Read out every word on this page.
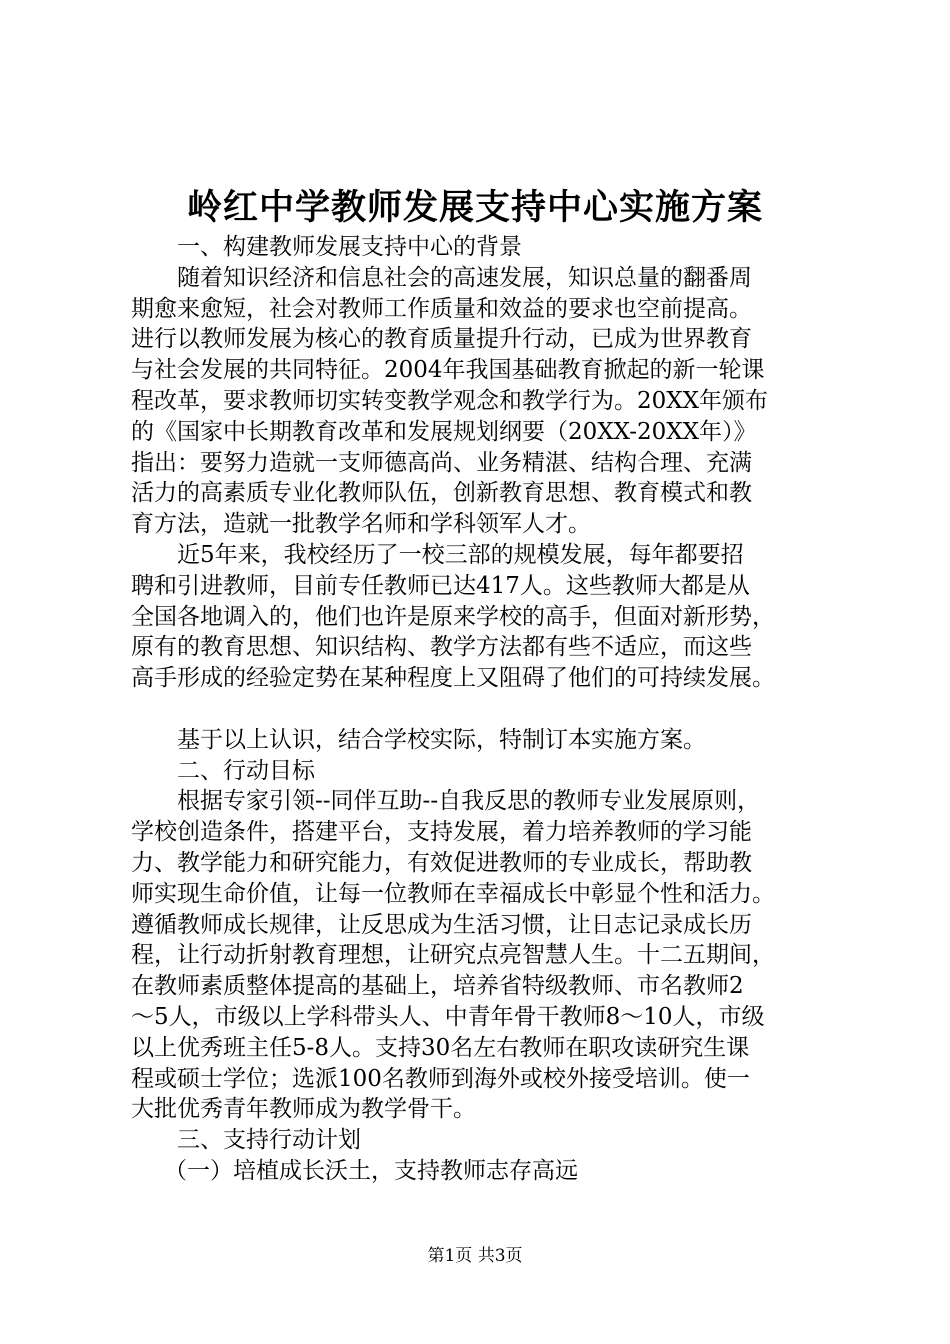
岭红中学教师发展支持中心实施方案
一、构建教师发展支持中心的背景
随着知识经济和信息社会的高速发展，知识总量的翻番周
期愈来愈短，社会对教师工作质量和效益的要求也空前提高。
进行以教师发展为核心的教育质量提升行动，已成为世界教育
与社会发展的共同特征。2004年我国基础教育掀起的新一轮课
程改革，要求教师切实转变教学观念和教学行为。20XX年颁布
的《国家中长期教育改革和发展规划纲要（20XX-20XX年）》
指出：要努力造就一支师德高尚、业务精湛、结构合理、充满
活力的高素质专业化教师队伍，创新教育思想、教育模式和教
育方法，造就一批教学名师和学科领军人才。
近5年来，我校经历了一校三部的规模发展，每年都要招
聘和引进教师，目前专任教师已达417人。这些教师大都是从
全国各地调入的，他们也许是原来学校的高手，但面对新形势，
原有的教育思想、知识结构、教学方法都有些不适应，而这些
高手形成的经验定势在某种程度上又阻碍了他们的可持续发展。
基于以上认识，结合学校实际，特制订本实施方案。
二、行动目标
根据专家引领--同伴互助--自我反思的教师专业发展原则，
学校创造条件，搭建平台，支持发展，着力培养教师的学习能
力、教学能力和研究能力，有效促进教师的专业成长，帮助教
师实现生命价值，让每一位教师在幸福成长中彰显个性和活力。
遵循教师成长规律，让反思成为生活习惯，让日志记录成长历
程，让行动折射教育理想，让研究点亮智慧人生。十二五期间，
在教师素质整体提高的基础上，培养省特级教师、市名教师2
～5人，市级以上学科带头人、中青年骨干教师8～10人，市级
以上优秀班主任5-8人。支持30名左右教师在职攻读研究生课
程或硕士学位；选派100名教师到海外或校外接受培训。使一
大批优秀青年教师成为教学骨干。
三、支持行动计划
（一）培植成长沃土，支持教师志存高远
第1页 共3页
